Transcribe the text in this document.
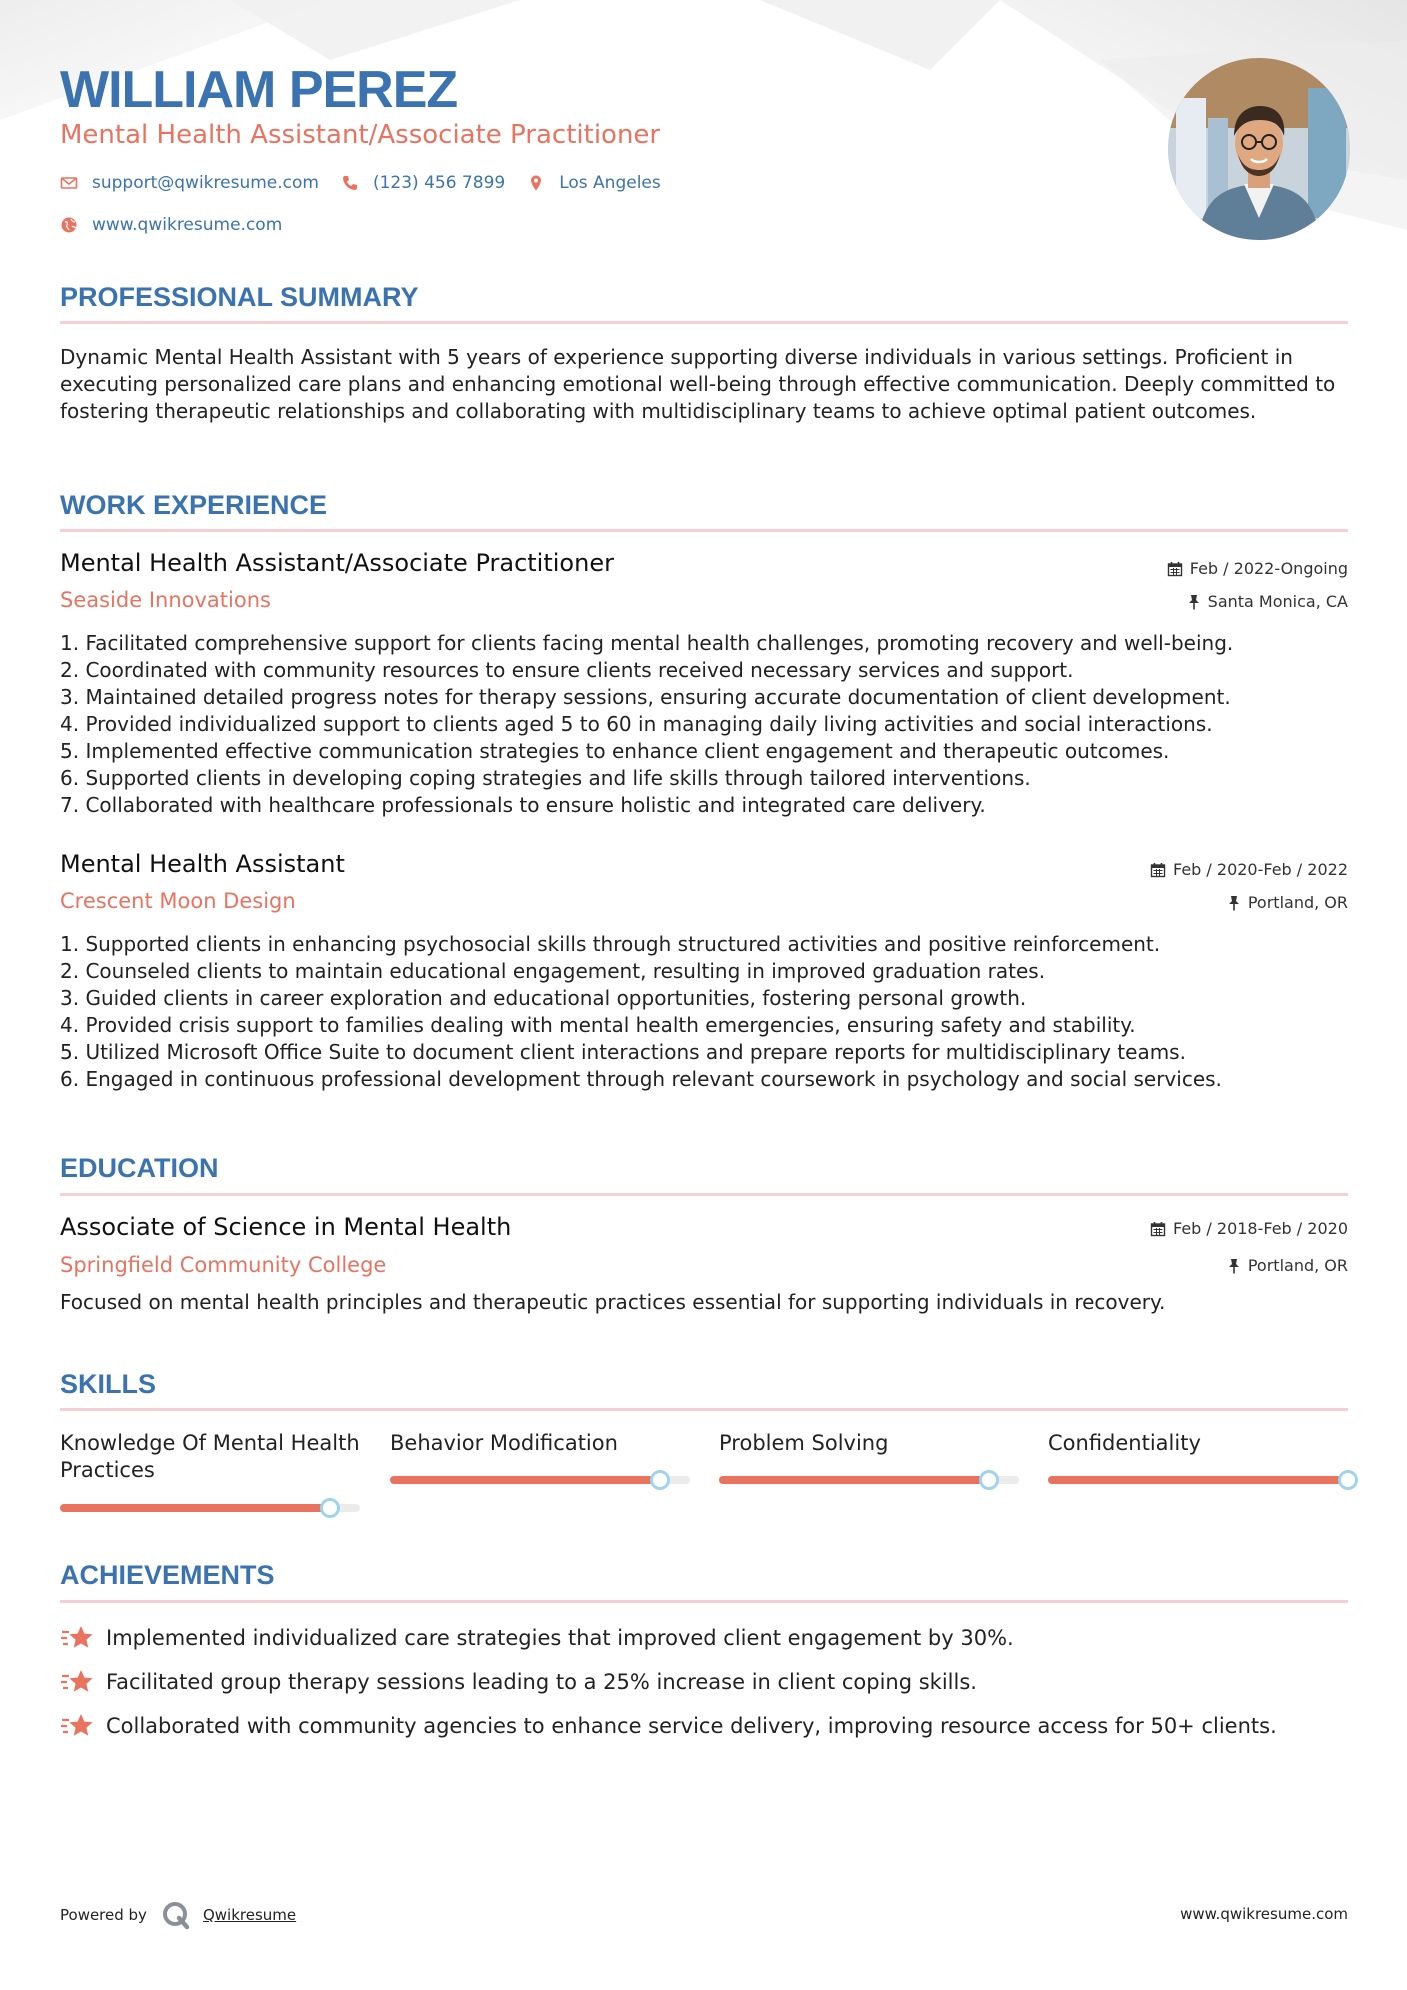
WILLIAM PEREZ
Mental Health Assistant/Associate Practitioner
support@qwikresume.com	(123) 456 7899	Los Angeles
www.qwikresume.com
PROFESSIONAL SUMMARY
Dynamic Mental Health Assistant with 5 years of experience supporting diverse individuals in various settings. Proficient in executing personalized care plans and enhancing emotional well-being through effective communication. Deeply committed to fostering therapeutic relationships and collaborating with multidisciplinary teams to achieve optimal patient outcomes.
WORK EXPERIENCE
Mental Health Assistant/Associate Practitioner	Feb / 2022-Ongoing
Seaside Innovations	Santa Monica, CA
1. Facilitated comprehensive support for clients facing mental health challenges, promoting recovery and well-being.
2. Coordinated with community resources to ensure clients received necessary services and support.
3. Maintained detailed progress notes for therapy sessions, ensuring accurate documentation of client development.
4. Provided individualized support to clients aged 5 to 60 in managing daily living activities and social interactions.
5. Implemented effective communication strategies to enhance client engagement and therapeutic outcomes.
6. Supported clients in developing coping strategies and life skills through tailored interventions.
7. Collaborated with healthcare professionals to ensure holistic and integrated care delivery.
Mental Health Assistant	Feb / 2020-Feb / 2022
Crescent Moon Design	Portland, OR
1. Supported clients in enhancing psychosocial skills through structured activities and positive reinforcement.
2. Counseled clients to maintain educational engagement, resulting in improved graduation rates.
3. Guided clients in career exploration and educational opportunities, fostering personal growth.
4. Provided crisis support to families dealing with mental health emergencies, ensuring safety and stability.
5. Utilized Microsoft Office Suite to document client interactions and prepare reports for multidisciplinary teams.
6. Engaged in continuous professional development through relevant coursework in psychology and social services.
EDUCATION
Associate of Science in Mental Health	Feb / 2018-Feb / 2020
Springfield Community College	Portland, OR
Focused on mental health principles and therapeutic practices essential for supporting individuals in recovery.
SKILLS
Knowledge Of Mental Health Practices
Behavior Modification	Problem Solving	Confidentiality
ACHIEVEMENTS
Implemented individualized care strategies that improved client engagement by 30%.
Facilitated group therapy sessions leading to a 25% increase in client coping skills.
Collaborated with community agencies to enhance service delivery, improving resource access for 50+ clients.
Powered by	Qwikresume	www.qwikresume.com
